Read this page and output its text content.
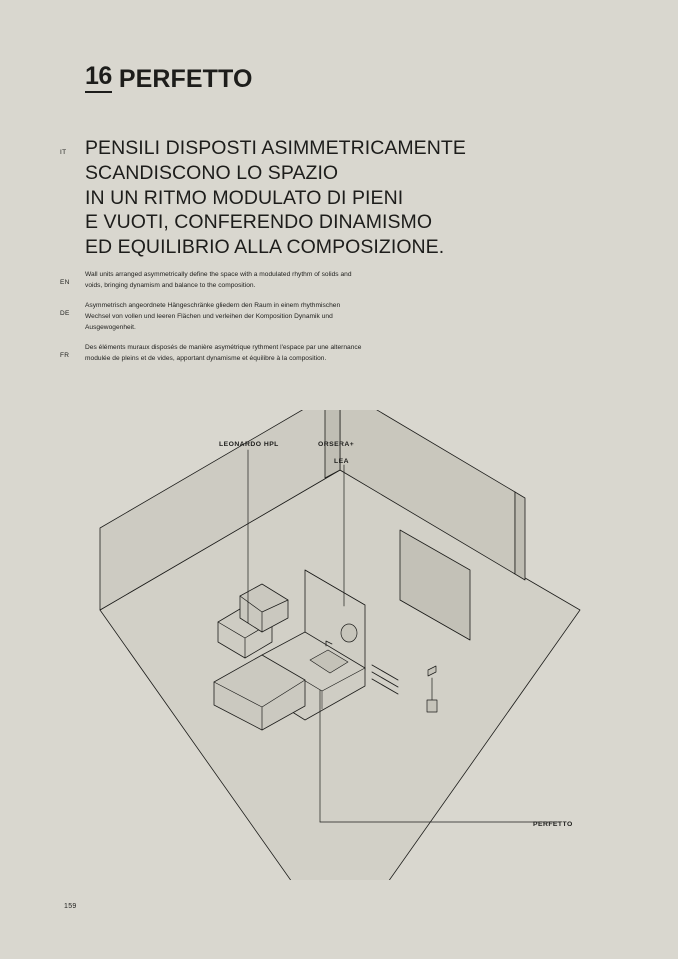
16 PERFETTO
IT PENSILI DISPOSTI ASIMMETRICAMENTE
SCANDISCONO LO SPAZIO
IN UN RITMO MODULATO DI PIENI
E VUOTI, CONFERENDO DINAMISMO
ED EQUILIBRIO ALLA COMPOSIZIONE.
EN
Wall units arranged asymmetrically define the space with a modulated rhythm of solids and voids, bringing dynamism and balance to the composition.
DE
Asymmetrisch angeordnete Hängeschränke gliedern den Raum in einem rhythmischen Wechsel von vollen und leeren Flächen und verleihen der Komposition Dynamik und Ausgewogenheit.
FR
Des éléments muraux disposés de manière asymétrique rythment l'espace par une alternance modulée de pleins et de vides, apportant dynamisme et équilibre à la composition.
LEONARDO HPL	ORSERA+
LEA
PERFETTO
159
